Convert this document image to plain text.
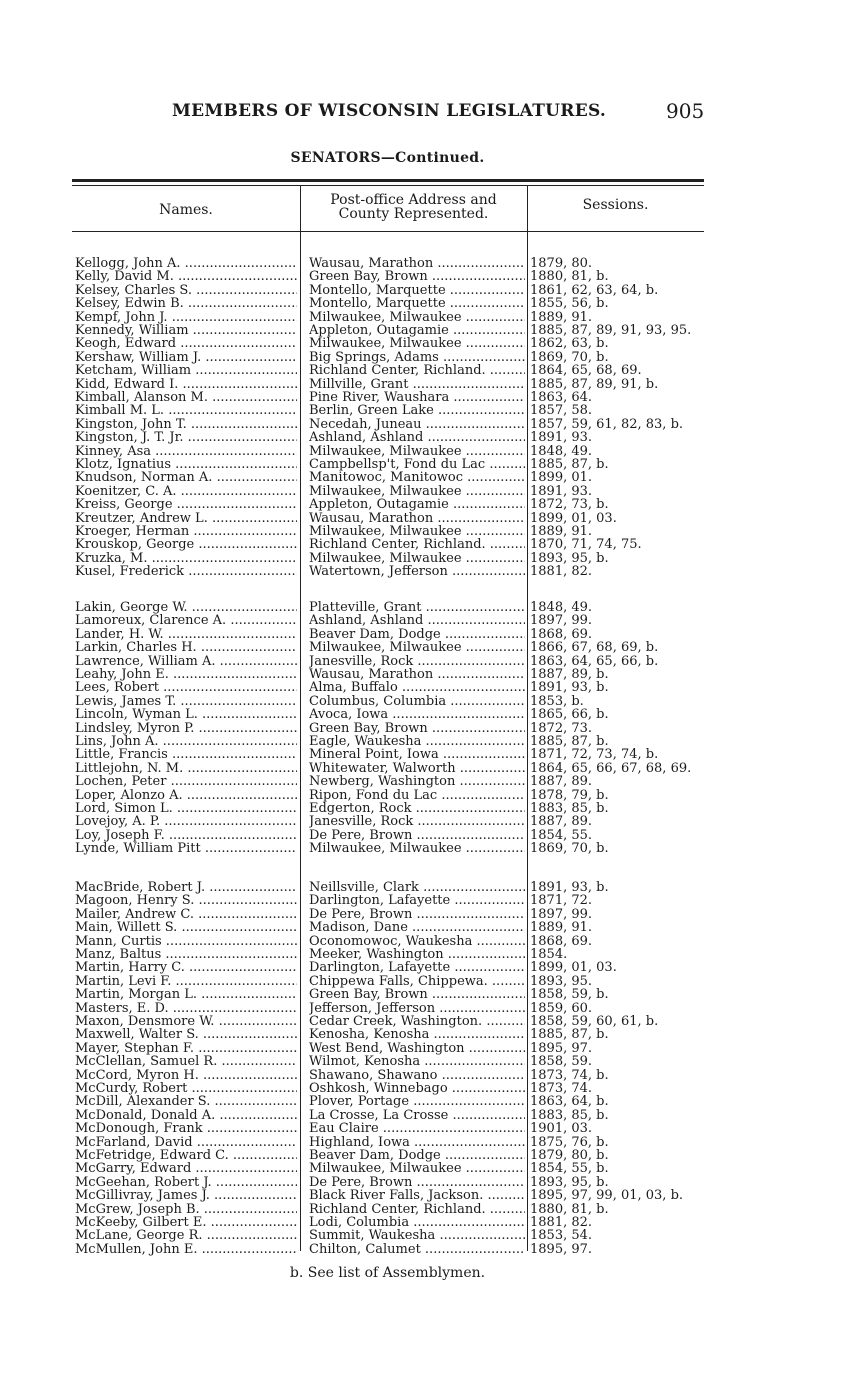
MEMBERS OF WISCONSIN LEGISLATURES.	905
SENATORS—Continued.
Names.
Post-office Address and
County Represented.
Sessions.
Kellogg, John A. .....	Wausau, Marathon .....	1879, 80.
Kelly, David M. .....	Green Bay, Brown .....	1880, 81, b.
Kelsey, Charles S. .....	Montello, Marquette .....	1861, 62, 63, 64, b.
Kelsey, Edwin B. .....	Montello, Marquette .....	1855, 56, b.
Kempf, John J. .....	Milwaukee, Milwaukee .....	1889, 91.
Kennedy, William .....	Appleton, Outagamie .....	1885, 87, 89, 91, 93, 95.
Keogh, Edward .....	Milwaukee, Milwaukee .....	1862, 63, b.
Kershaw, William J. .....	Big Springs, Adams .....	1869, 70, b.
Ketcham, William .....	Richland Center, Richland. .....	1864, 65, 68, 69.
Kidd, Edward I. .....	Millville, Grant .....	1885, 87, 89, 91, b.
Kimball, Alanson M. .....	Pine River, Waushara .....	1863, 64.
Kimball M. L. .....	Berlin, Green Lake .....	1857, 58.
Kingston, John T. .....	Necedah, Juneau .....	1857, 59, 61, 82, 83, b.
Kingston, J. T. Jr. .....	Ashland, Ashland .....	1891, 93.
Kinney, Asa .....	Milwaukee, Milwaukee .....	1848, 49.
Klotz, Ignatius .....	Campbellsp't, Fond du Lac .....	1885, 87, b.
Knudson, Norman A. .....	Manitowoc, Manitowoc .....	1899, 01.
Koenitzer, C. A. .....	Milwaukee, Milwaukee .....	1891, 93.
Kreiss, George .....	Appleton, Outagamie .....	1872, 73, b.
Kreutzer, Andrew L. .....	Wausau, Marathon .....	1899, 01, 03.
Kroeger, Herman .....	Milwaukee, Milwaukee .....	1889, 91.
Krouskop, George .....	Richland Center, Richland. .....	1870, 71, 74, 75.
Kruzka, M. .....	Milwaukee, Milwaukee .....	1893, 95, b.
Kusel, Frederick .....	Watertown, Jefferson .....	1881, 82.
Lakin, George W. .....	Platteville, Grant .....	1848, 49.
Lamoreux, Clarence A. .....	Ashland, Ashland .....	1897, 99.
Lander, H. W. .....	Beaver Dam, Dodge .....	1868, 69.
Larkin, Charles H. .....	Milwaukee, Milwaukee .....	1866, 67, 68, 69, b.
Lawrence, William A. .....	Janesville, Rock .....	1863, 64, 65, 66, b.
Leahy, John E. .....	Wausau, Marathon .....	1887, 89, b.
Lees, Robert .....	Alma, Buffalo .....	1891, 93, b.
Lewis, James T. .....	Columbus, Columbia .....	1853, b.
Lincoln, Wyman L. .....	Avoca, Iowa .....	1865, 66, b.
Lindsley, Myron P. .....	Green Bay, Brown .....	1872, 73.
Lins, John A. .....	Eagle, Waukesha .....	1885, 87, b.
Little, Francis .....	Mineral Point, Iowa .....	1871, 72, 73, 74, b.
Littlejohn, N. M. .....	Whitewater, Walworth .....	1864, 65, 66, 67, 68, 69.
Lochen, Peter .....	Newberg, Washington .....	1887, 89.
Loper, Alonzo A. .....	Ripon, Fond du Lac .....	1878, 79, b.
Lord, Simon L. .....	Edgerton, Rock .....	1883, 85, b.
Lovejoy, A. P. .....	Janesville, Rock .....	1887, 89.
Loy, Joseph F. .....	De Pere, Brown .....	1854, 55.
Lynde, William Pitt .....	Milwaukee, Milwaukee .....	1869, 70, b.
MacBride, Robert J. .....	Neillsville, Clark .....	1891, 93, b.
Magoon, Henry S. .....	Darlington, Lafayette .....	1871, 72.
Mailer, Andrew C. .....	De Pere, Brown .....	1897, 99.
Main, Willett S. .....	Madison, Dane .....	1889, 91.
Mann, Curtis .....	Oconomowoc, Waukesha .....	1868, 69.
Manz, Baltus .....	Meeker, Washington .....	1854.
Martin, Harry C. .....	Darlington, Lafayette .....	1899, 01, 03.
Martin, Levi F. .....	Chippewa Falls, Chippewa. .....	1893, 95.
Martin, Morgan L. .....	Green Bay, Brown .....	1858, 59, b.
Masters, E. D. .....	Jefferson, Jefferson .....	1859, 60.
Maxon, Densmore W. .....	Cedar Creek, Washington. .....	1858, 59, 60, 61, b.
Maxwell, Walter S. .....	Kenosha, Kenosha .....	1885, 87, b.
Mayer, Stephan F. .....	West Bend, Washington .....	1895, 97.
McClellan, Samuel R. .....	Wilmot, Kenosha .....	1858, 59.
McCord, Myron H. .....	Shawano, Shawano .....	1873, 74, b.
McCurdy, Robert .....	Oshkosh, Winnebago .....	1873, 74.
McDill, Alexander S. .....	Plover, Portage .....	1863, 64, b.
McDonald, Donald A. .....	La Crosse, La Crosse .....	1883, 85, b.
McDonough, Frank .....	Eau Claire .....	1901, 03.
McFarland, David .....	Highland, Iowa .....	1875, 76, b.
McFetridge, Edward C. .....	Beaver Dam, Dodge .....	1879, 80, b.
McGarry, Edward .....	Milwaukee, Milwaukee .....	1854, 55, b.
McGeehan, Robert J. .....	De Pere, Brown .....	1893, 95, b.
McGillivray, James J. .....	Black River Falls, Jackson. .....	1895, 97, 99, 01, 03, b.
McGrew, Joseph B. .....	Richland Center, Richland. .....	1880, 81, b.
McKeeby, Gilbert E. .....	Lodi, Columbia .....	1881, 82.
McLane, George R. .....	Summit, Waukesha .....	1853, 54.
McMullen, John E. .....	Chilton, Calumet .....	1895, 97.
b. See list of Assemblymen.
